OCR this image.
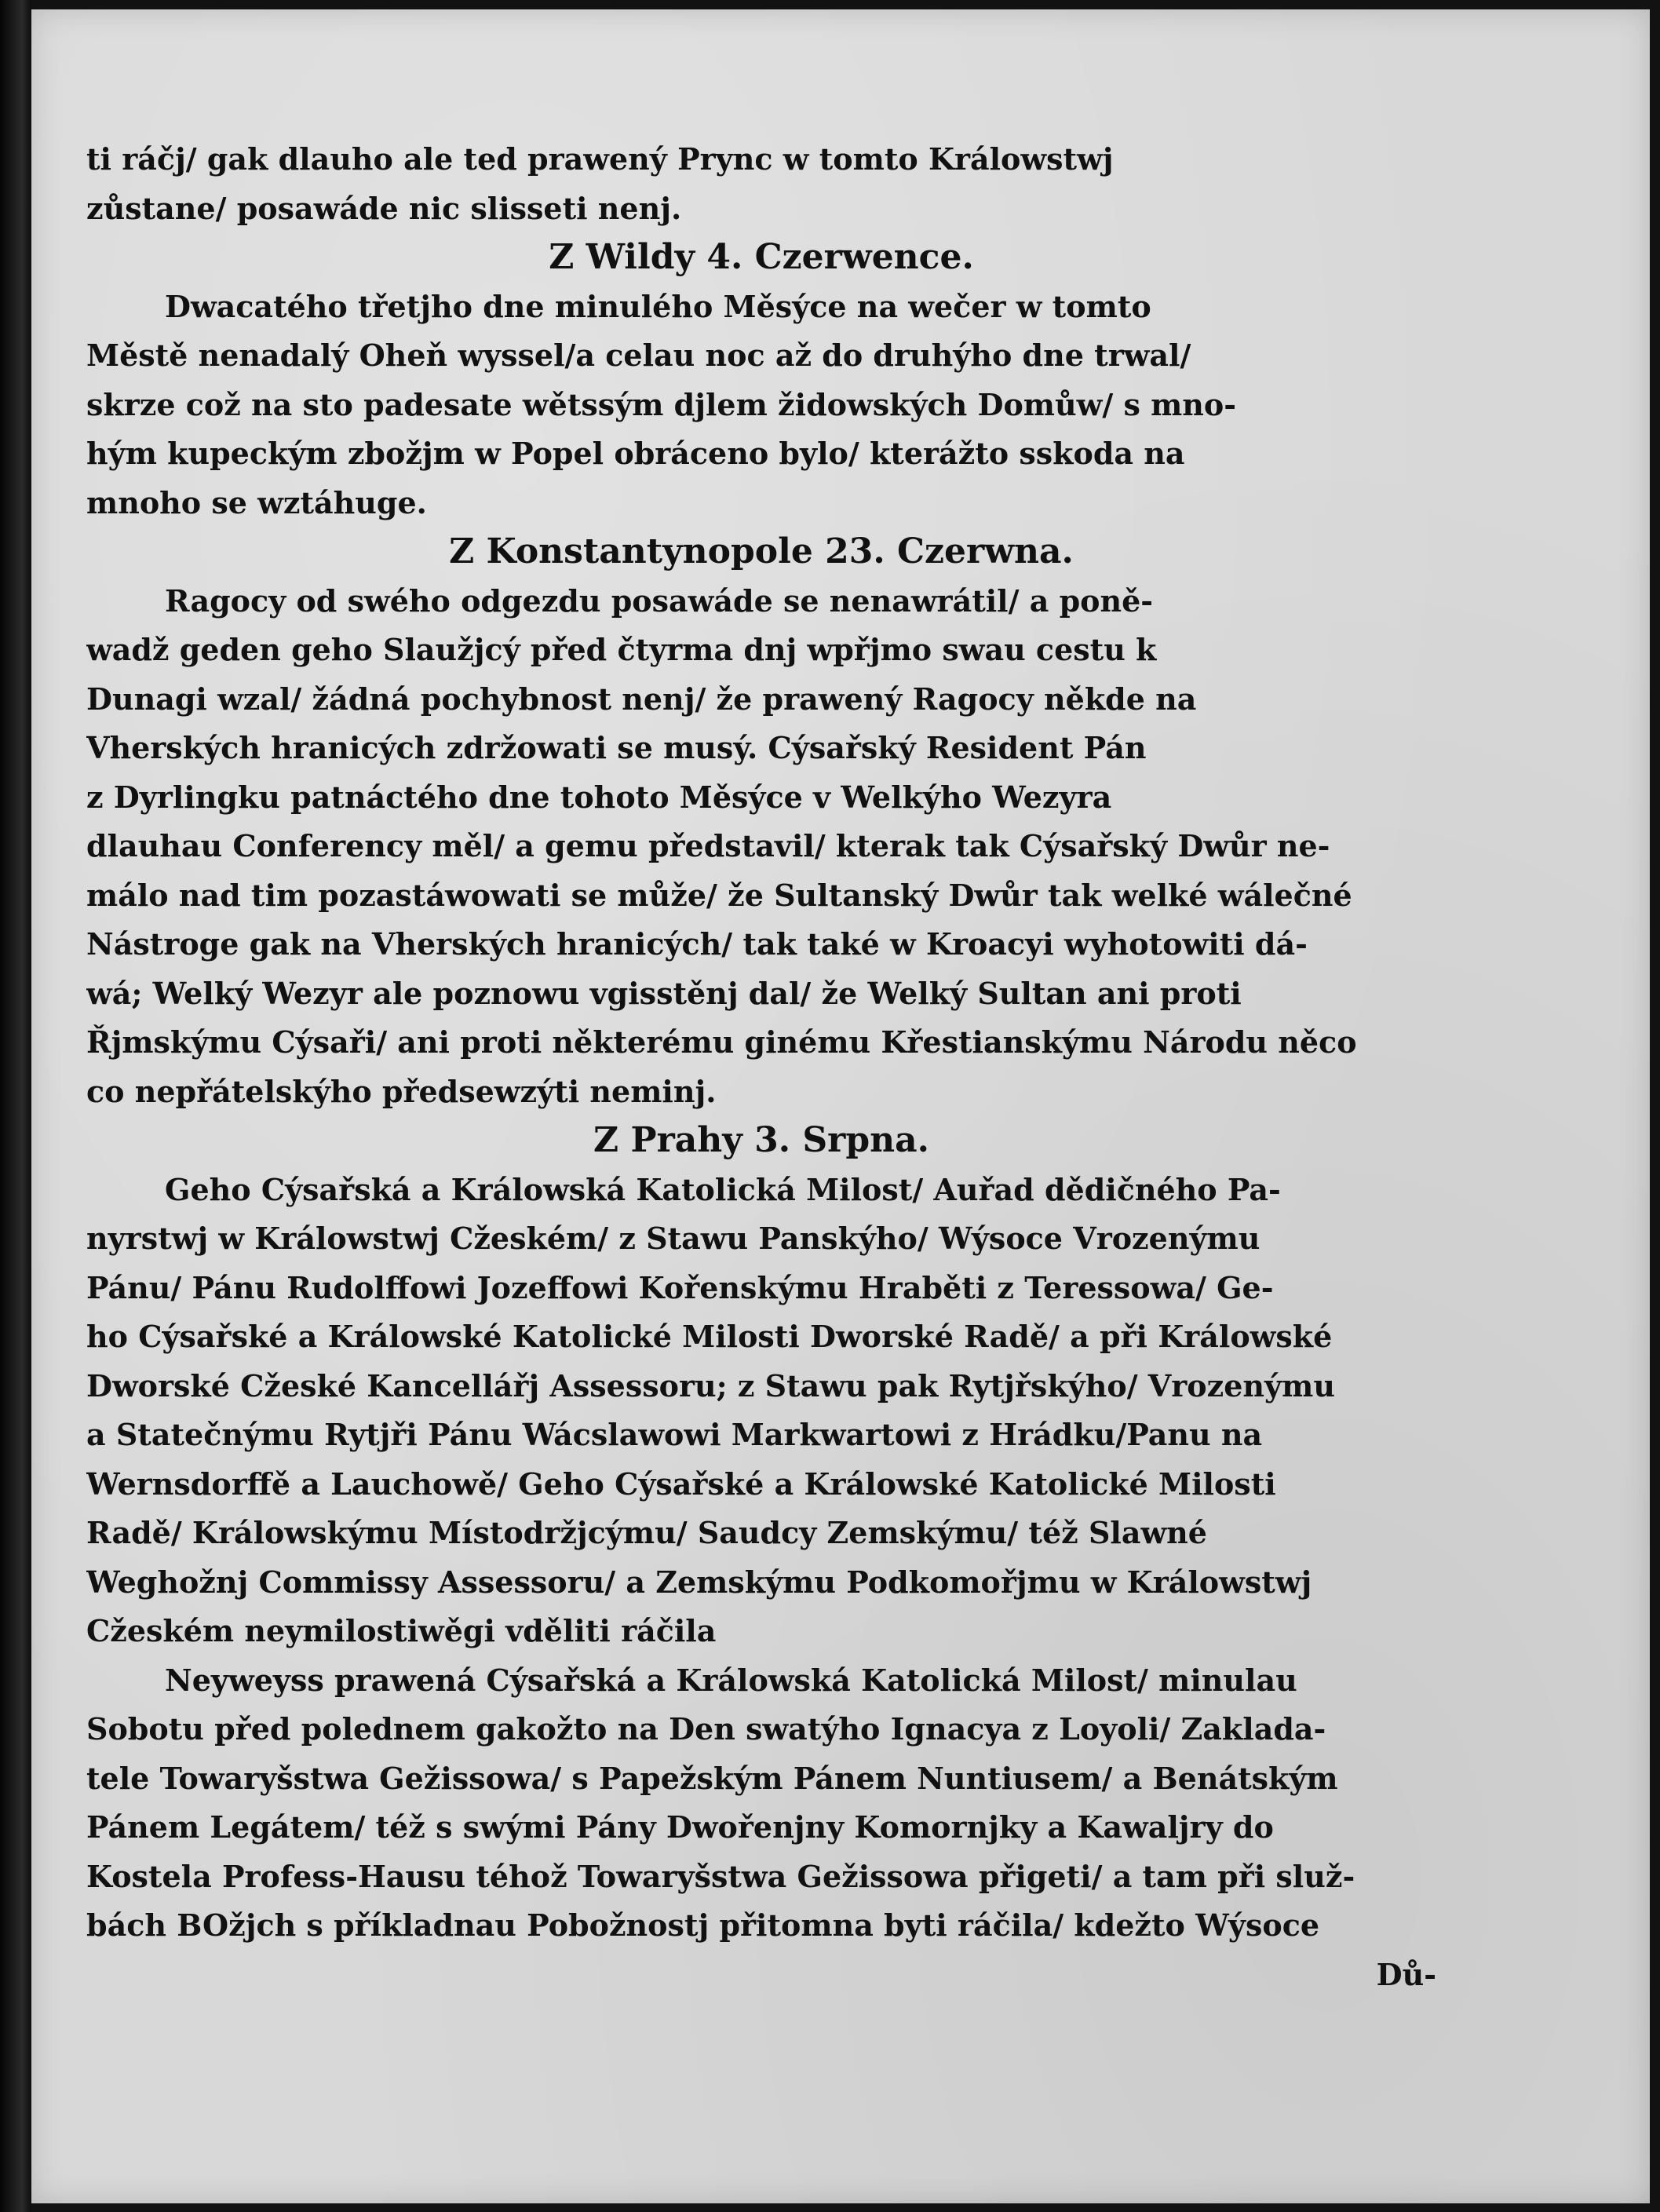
ti ráčj/ gak dlauho ale ted prawený Prync w tomto Králowstwj
zůstane/ posawáde nic slisseti nenj.
Z Wildy 4. Czerwence.
Dwacatého třetjho dne minulého Měsýce na wečer w tomto
Městě nenadalý Oheň wyssel/a celau noc až do druhýho dne trwal/
skrze což na sto padesate wětssým djlem židowských Domůw/ s mno-
hým kupeckým zbožjm w Popel obráceno bylo/ kterážto sskoda na
mnoho se wztáhuge.
Z Konstantynopole 23. Czerwna.
Ragocy od swého odgezdu posawáde se nenawrátil/ a poně-
wadž geden geho Slaužjcý před čtyrma dnj wpřjmo swau cestu k
Dunagi wzal/ žádná pochybnost nenj/ že prawený Ragocy někde na
Vherských hranicých zdržowati se musý. Cýsařský Resident Pán
z Dyrlingku patnáctého dne tohoto Měsýce v Welkýho Wezyra
dlauhau Conferency měl/ a gemu představil/ kterak tak Cýsařský Dwůr ne-
málo nad tim pozastáwowati se může/ že Sultanský Dwůr tak welké wálečné
Nástroge gak na Vherských hranicých/ tak také w Kroacyi wyhotowiti dá-
wá; Welký Wezyr ale poznowu vgisstěnj dal/ že Welký Sultan ani proti
Řjmskýmu Cýsaři/ ani proti některému ginému Křestianskýmu Národu něco
co nepřátelskýho předsewzýti neminj.
Z Prahy 3. Srpna.
Geho Cýsařská a Králowská Katolická Milost/ Auřad dědičného Pa-
nyrstwj w Králowstwj Cžeském/ z Stawu Panskýho/ Wýsoce Vrozenýmu
Pánu/ Pánu Rudolffowi Jozeffowi Kořenskýmu Hraběti z Teressowa/ Ge-
ho Cýsařské a Králowské Katolické Milosti Dworské Radě/ a při Králowské
Dworské Cžeské Kancellářj Assessoru; z Stawu pak Rytjřskýho/ Vrozenýmu
a Statečnýmu Rytjři Pánu Wácslawowi Markwartowi z Hrádku/Panu na
Wernsdorffě a Lauchowě/ Geho Cýsařské a Králowské Katolické Milosti
Radě/ Králowskýmu Místodržjcýmu/ Saudcy Zemskýmu/ též Slawné
Weghožnj Commissy Assessoru/ a Zemskýmu Podkomořjmu w Králowstwj
Cžeském neymilostiwěgi vděliti ráčila
Neyweyss prawená Cýsařská a Králowská Katolická Milost/ minulau
Sobotu před polednem gakožto na Den swatýho Ignacya z Loyoli/ Zaklada-
tele Towaryšstwa Gežissowa/ s Papežským Pánem Nuntiusem/ a Benátským
Pánem Legátem/ též s swými Pány Dwořenjny Komornjky a Kawaljry do
Kostela Profess-Hausu téhož Towaryšstwa Gežissowa přigeti/ a tam při služ-
bách BOžjch s příkladnau Pobožnostj přitomna byti ráčila/ kdežto Wýsoce
Dů-
